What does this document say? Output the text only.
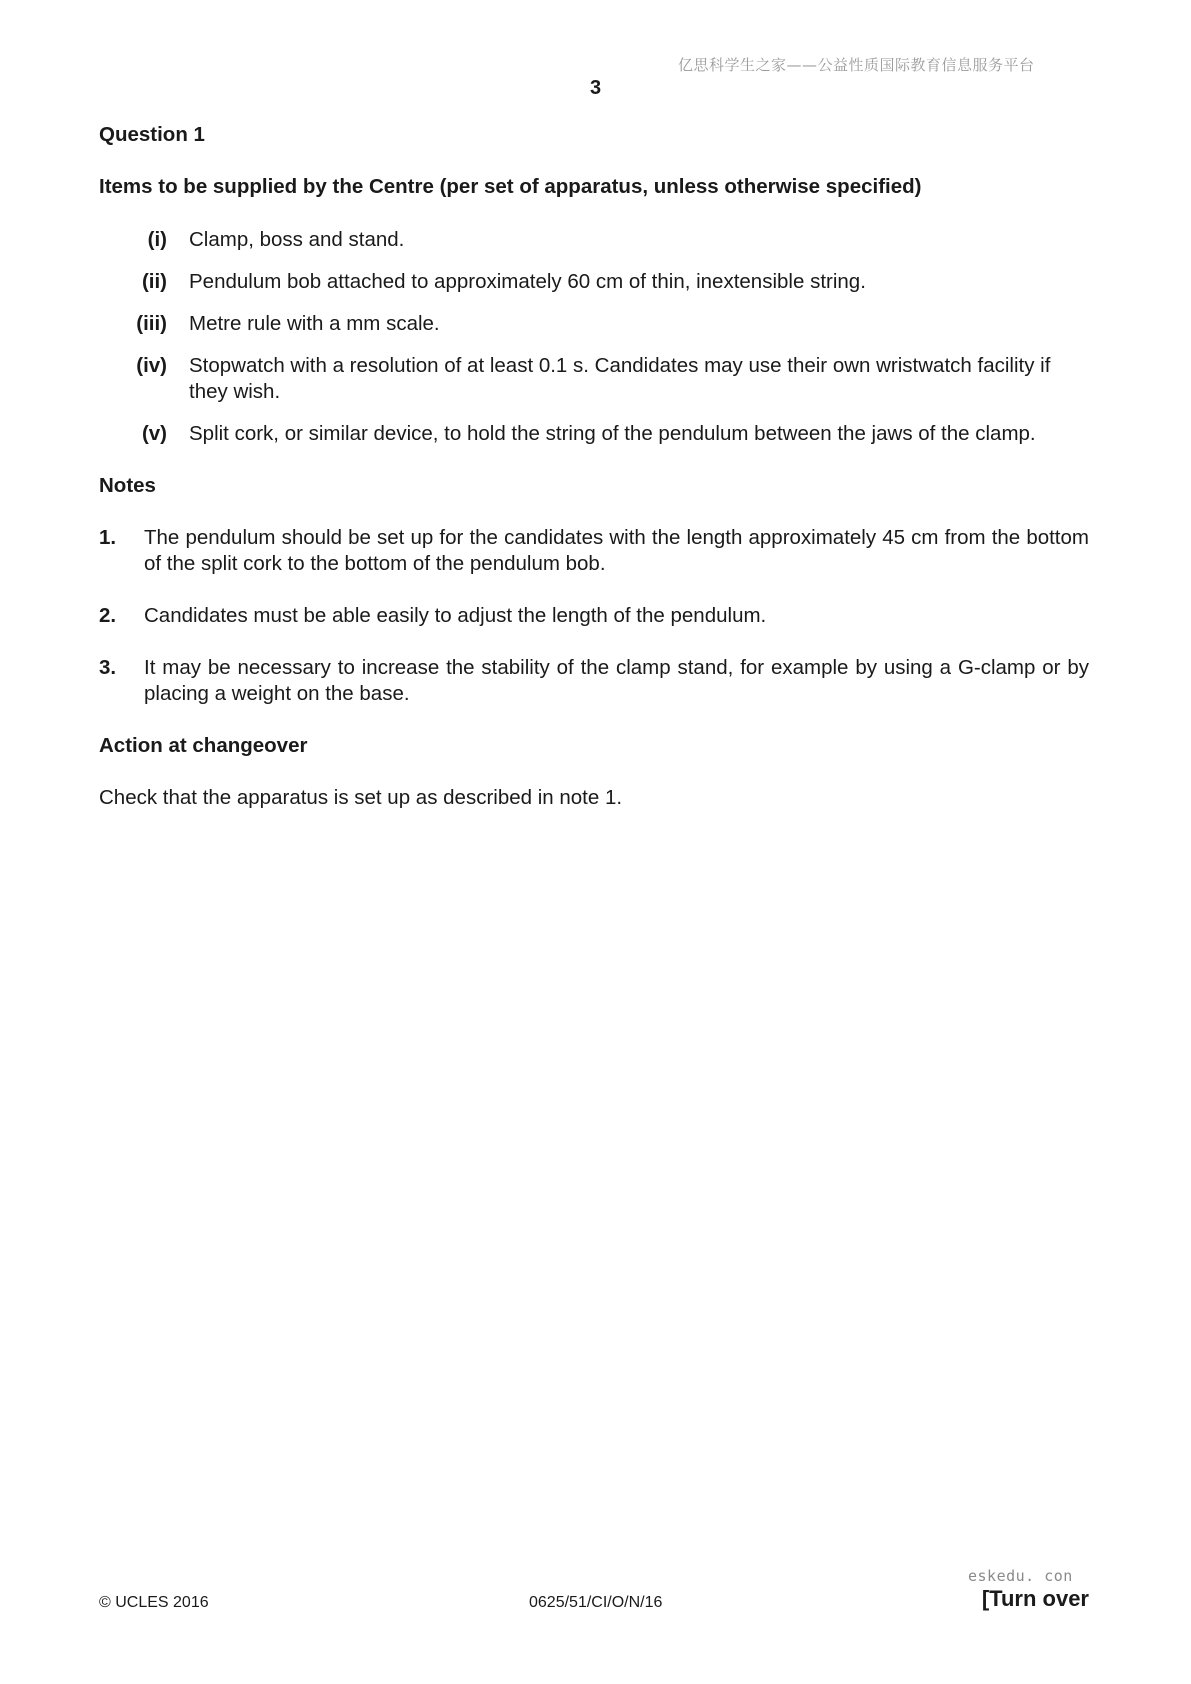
亿思科学生之家——公益性质国际教育信息服务平台
3
Question 1
Items to be supplied by the Centre (per set of apparatus, unless otherwise specified)
(i) Clamp, boss and stand.
(ii) Pendulum bob attached to approximately 60 cm of thin, inextensible string.
(iii) Metre rule with a mm scale.
(iv) Stopwatch with a resolution of at least 0.1 s. Candidates may use their own wristwatch facility if they wish.
(v) Split cork, or similar device, to hold the string of the pendulum between the jaws of the clamp.
Notes
1. The pendulum should be set up for the candidates with the length approximately 45 cm from the bottom of the split cork to the bottom of the pendulum bob.
2. Candidates must be able easily to adjust the length of the pendulum.
3. It may be necessary to increase the stability of the clamp stand, for example by using a G-clamp or by placing a weight on the base.
Action at changeover
Check that the apparatus is set up as described in note 1.
eskedu. con
© UCLES 2016	0625/51/CI/O/N/16	[Turn over
